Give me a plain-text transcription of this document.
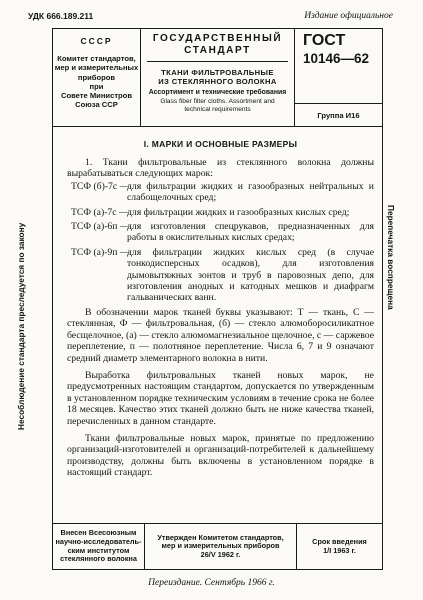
УДК 666.189.211	Издание официальное
Несоблюдение стандарта преследуется по закону	Перепечатка воспрещена
СССР
Комитет стандартов,
мер и измерительных
приборов
при
Совете Министров
Союза ССР
ГОСУДАРСТВЕННЫЙ
СТАНДАРТ
ТКАНИ ФИЛЬТРОВАЛЬНЫЕ
ИЗ СТЕКЛЯННОГО ВОЛОКНА
Ассортимент и технические требования
Glass fiber filter cloths. Assortment and
technical requirements
ГОСТ
10146—62
Группа И16
I. МАРКИ И ОСНОВНЫЕ РАЗМЕРЫ

1. Ткани фильтровальные из стеклянного волокна должны вырабатываться следующих марок:

ТСФ (б)-7с —
для фильтрации жидких и газообразных нейтральных и слабощелочных сред;
ТСФ (а)-7с —
для фильтрации жидких и газообразных кислых сред;
ТСФ (а)-6п —
для изготовления спецрукавов, предназначенных для работы в окислительных кислых средах;
ТСФ (а)-9п —
для фильтрации жидких кислых сред (в случае тонкодисперсных осадков), для изготовления дымовытяжных зонтов и труб в паровозных депо, для изготовления анодных и катодных мешков и диафрагм гальванических ванн.

В обозначении марок тканей буквы указывают: Т — ткань, С — стеклянная, Ф — фильтровальная, (б) — стекло алюмоборосиликатное бесщелочное, (а) — стекло алюмомагнезиальное щелочное, с — саржевое переплетение, п — полотняное переплетение. Числа 6, 7 и 9 означают средний диаметр элементарного волокна в нити.

Выработка фильтровальных тканей новых марок, не предусмотренных настоящим стандартом, допускается по утвержденным в установленном порядке техническим условиям в течение срока не более 18 месяцев. Качество этих тканей должно быть не ниже качества тканей, перечисленных в данном стандарте.

Ткани фильтровальные новых марок, принятые по предложению организаций-изготовителей и организаций-потребителей к дальнейшему производству, должны быть включены в установленном порядке в настоящий стандарт.

Внесен Всесоюзным
научно-исследователь-
ским институтом
стеклянного волокна
Утвержден Комитетом стандартов,
мер и измерительных приборов
26/V 1962 г.
Срок введения
1/I 1963 г.
Переиздание. Сентябрь 1966 г.
